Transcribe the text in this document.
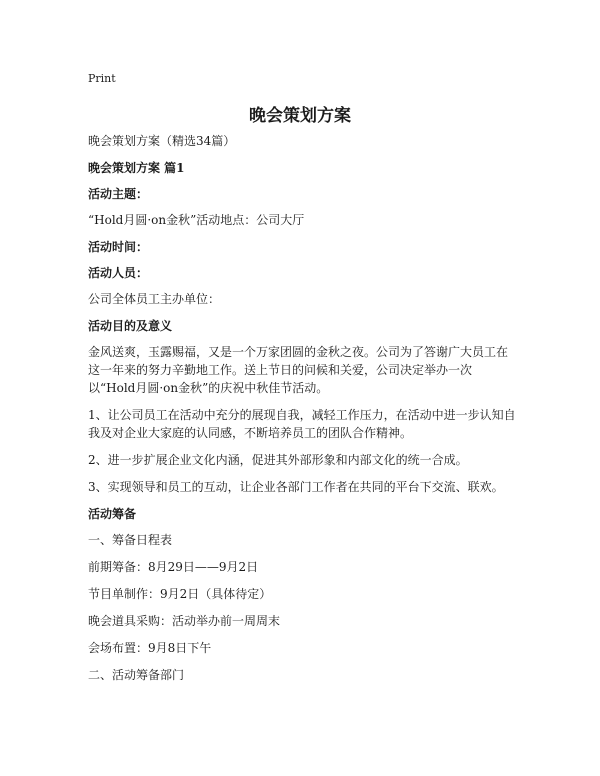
Print
晚会策划方案

晚会策划方案（精选34篇）

晚会策划方案 篇1

活动主题：

“Hold月圆·on金秋”活动地点：公司大厅

活动时间：

活动人员：

公司全体员工主办单位：

活动目的及意义

金风送爽，玉露赐福，又是一个万家团圆的金秋之夜。公司为了答谢广大员工在这一年来的努力辛勤地工作。送上节日的问候和关爱，公司决定举办一次以“Hold月圆·on金秋”的庆祝中秋佳节活动。

1、让公司员工在活动中充分的展现自我，减轻工作压力，在活动中进一步认知自我及对企业大家庭的认同感，不断培养员工的团队合作精神。

2、进一步扩展企业文化内涵，促进其外部形象和内部文化的统一合成。

3、实现领导和员工的互动，让企业各部门工作者在共同的平台下交流、联欢。

活动筹备

一、筹备日程表

前期筹备：8月29日——9月2日

节目单制作：9月2日（具体待定）

晚会道具采购：活动举办前一周周末

会场布置：9月8日下午

二、活动筹备部门
